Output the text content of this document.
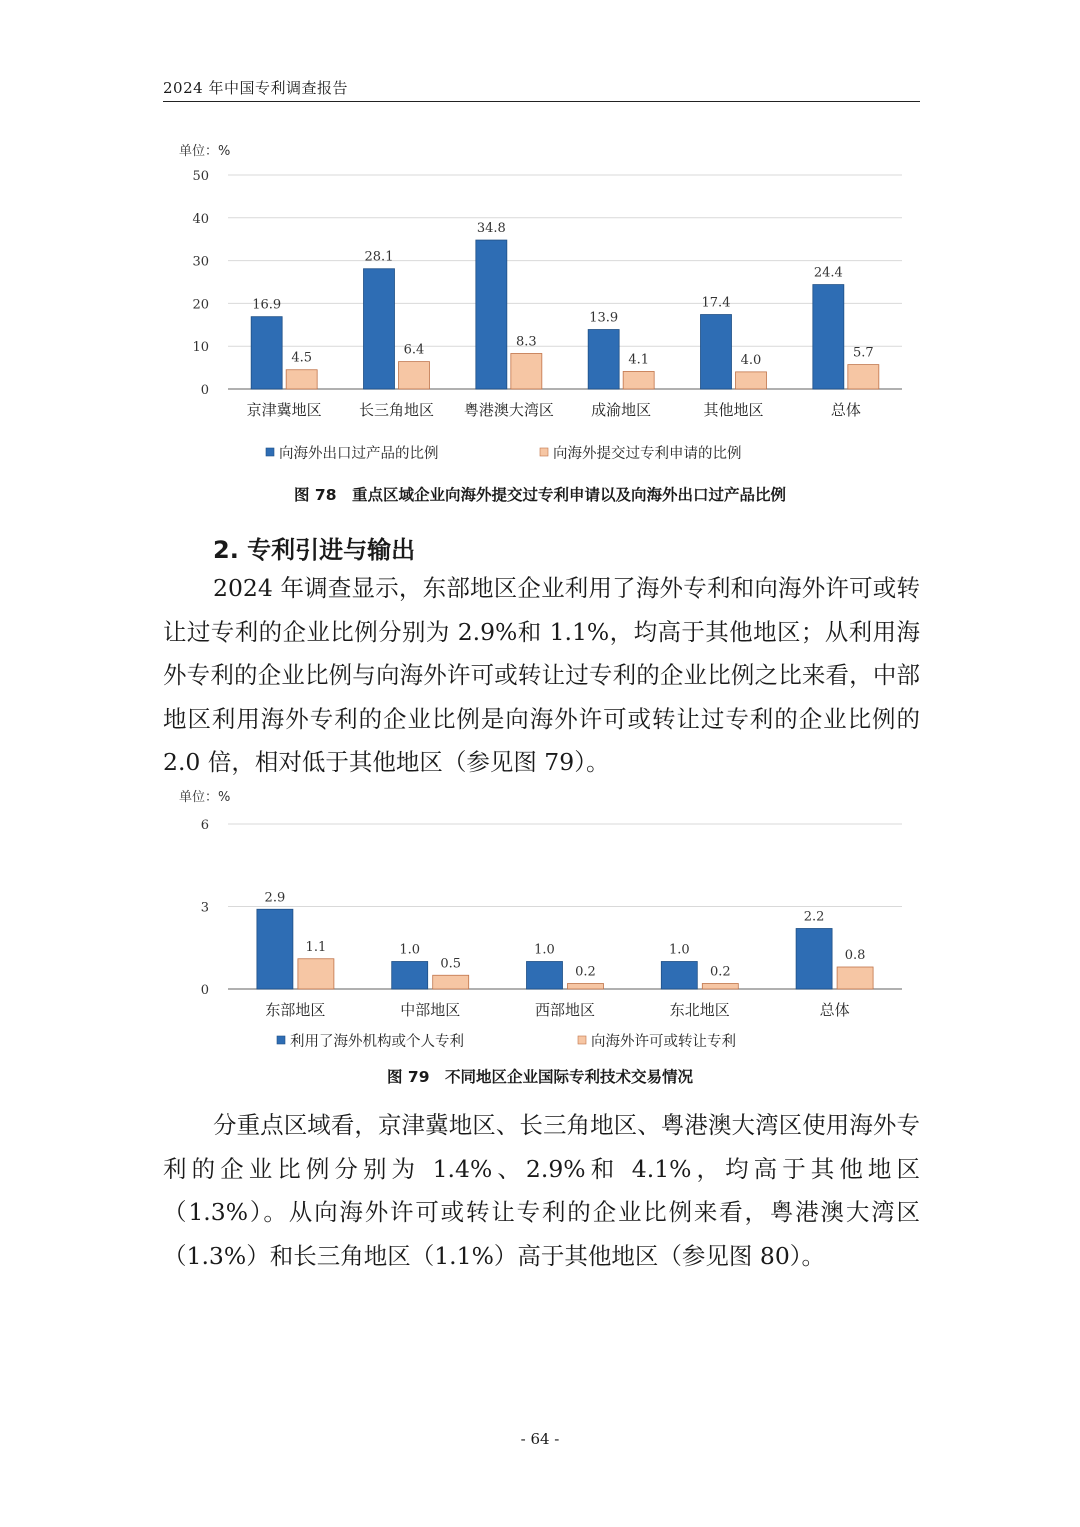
2024 年中国专利调查报告
单位：%
0
10
20
30
40
50
16.9
4.5
京津冀地区
28.1
6.4
长三角地区
34.8
8.3
粤港澳大湾区
13.9
4.1
成渝地区
17.4
4.0
其他地区
24.4
5.7
总体
向海外出口过产品的比例	向海外提交过专利申请的比例
图 78　重点区域企业向海外提交过专利申请以及向海外出口过产品比例
2. 专利引进与输出

2024 年调查显示，东部地区企业利用了海外专利和向海外许可或转让过专利的企业比例分别为 2.9%和 1.1%，均高于其他地区；从利用海外专利的企业比例与向海外许可或转让过专利的企业比例之比来看，中部地区利用海外专利的企业比例是向海外许可或转让过专利的企业比例的 2.0 倍，相对低于其他地区（参见图 79）。

单位：%
0
3
6
2.9
1.1
东部地区
1.0
0.5
中部地区
1.0
0.2
西部地区
1.0
0.2
东北地区
2.2
0.8
总体
利用了海外机构或个人专利	向海外许可或转让专利
图 79　不同地区企业国际专利技术交易情况

分重点区域看，京津冀地区、长三角地区、粤港澳大湾区使用海外专利的企业比例分别为 1.4%、2.9%和 4.1%，均高于其他地区（1.3%）。从向海外许可或转让专利的企业比例来看，粤港澳大湾区（1.3%）和长三角地区（1.1%）高于其他地区（参见图 80）。

- 64 -
